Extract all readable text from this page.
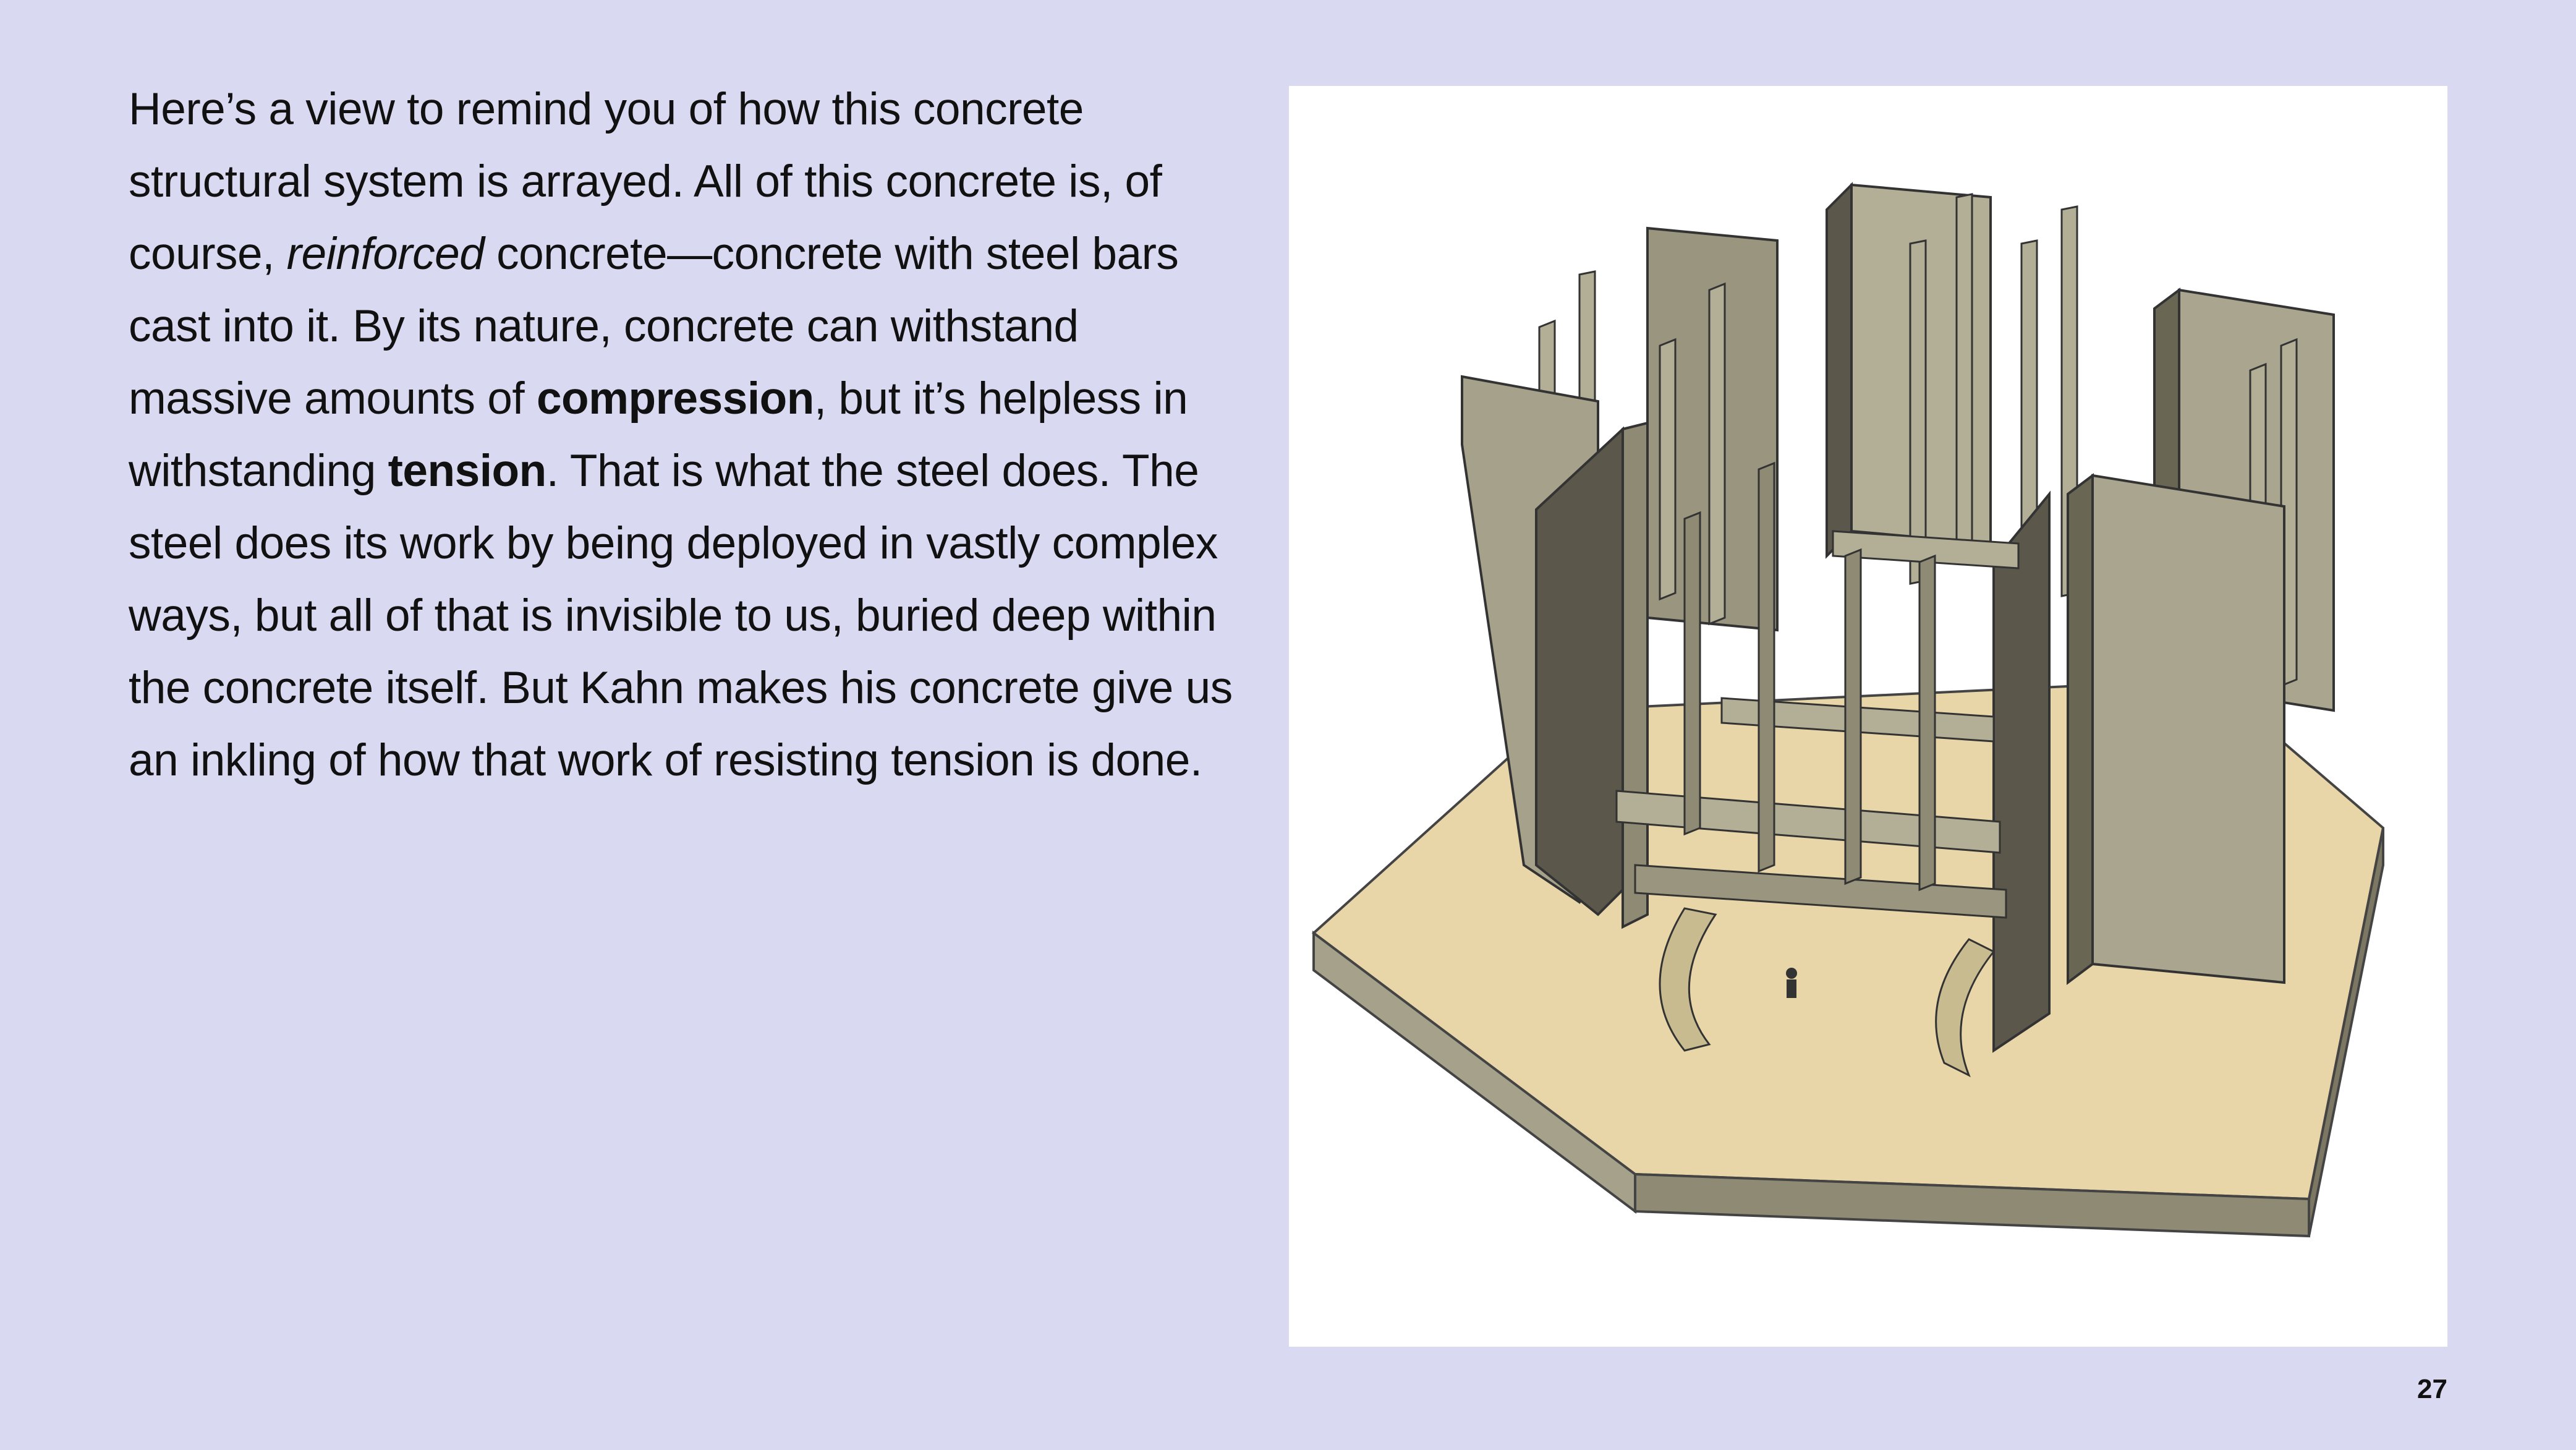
Here’s a view to remind you of how this concrete structural system is arrayed. All of this concrete is, of course, reinforced concrete—concrete with steel bars cast into it. By its nature, concrete can withstand massive amounts of compression, but it’s helpless in withstanding tension. That is what the steel does. The steel does its work by being deployed in vastly complex ways, but all of that is invisible to us, buried deep within the concrete itself. But Kahn makes his concrete give us an inkling of how that work of resisting tension is done.

27
